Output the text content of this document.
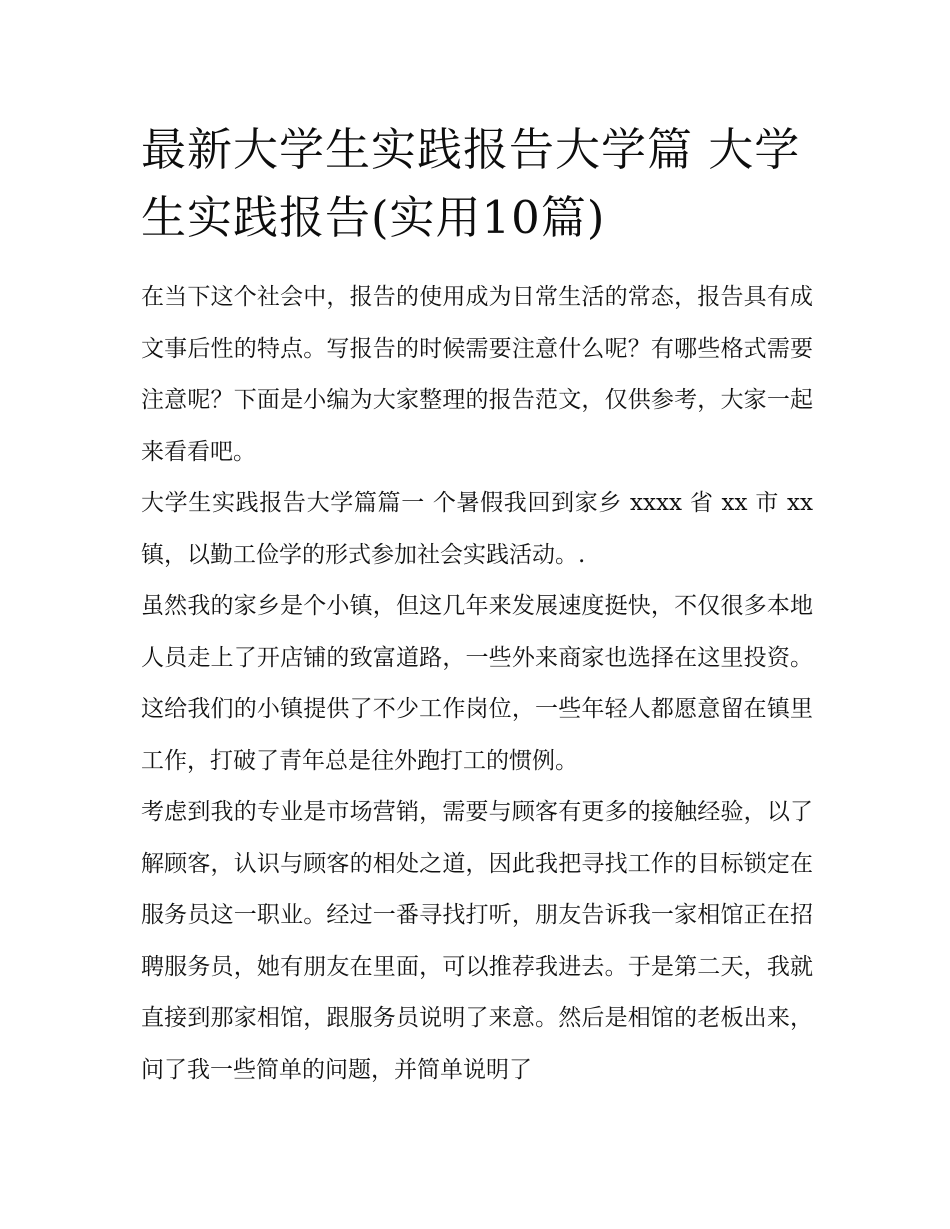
最新大学生实践报告大学篇 大学生实践报告(实用10篇)

在当下这个社会中，报告的使用成为日常生活的常态，报告具有成文事后性的特点。写报告的时候需要注意什么呢？有哪些格式需要注意呢？下面是小编为大家整理的报告范文，仅供参考，大家一起来看看吧。

大学生实践报告大学篇篇一 个暑假我回到家乡 xxxx 省 xx 市 xx 镇，以勤工俭学的形式参加社会实践活动。.

虽然我的家乡是个小镇，但这几年来发展速度挺快，不仅很多本地人员走上了开店铺的致富道路，一些外来商家也选择在这里投资。这给我们的小镇提供了不少工作岗位，一些年轻人都愿意留在镇里工作，打破了青年总是往外跑打工的惯例。

考虑到我的专业是市场营销，需要与顾客有更多的接触经验，以了解顾客，认识与顾客的相处之道，因此我把寻找工作的目标锁定在服务员这一职业。经过一番寻找打听，朋友告诉我一家相馆正在招聘服务员，她有朋友在里面，可以推荐我进去。于是第二天，我就直接到那家相馆，跟服务员说明了来意。然后是相馆的老板出来，问了我一些简单的问题，并简单说明了
